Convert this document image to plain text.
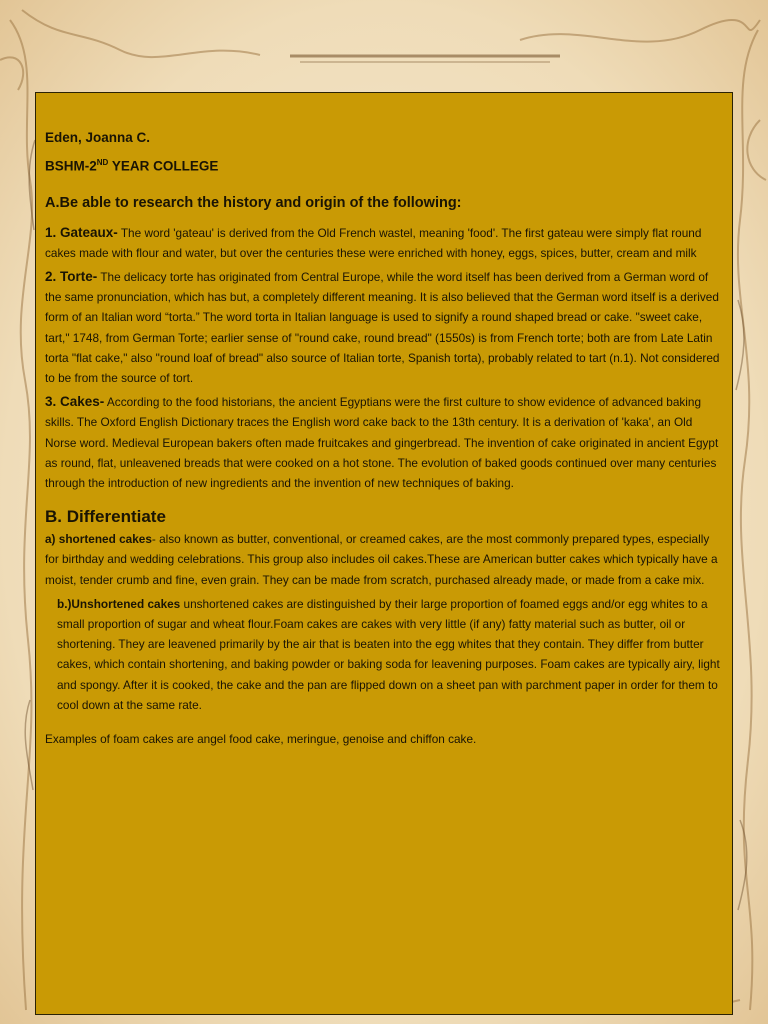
Eden, Joanna C.
BSHM-2ND YEAR COLLEGE
A.Be able to research the history and origin of the following:

1. Gateaux- The word 'gateau' is derived from the Old French wastel, meaning 'food'. The first gateau were simply flat round cakes made with flour and water, but over the centuries these were enriched with honey, eggs, spices, butter, cream and milk

2. Torte- The delicacy torte has originated from Central Europe, while the word itself has been derived from a German word of the same pronunciation, which has but, a completely different meaning. It is also believed that the German word itself is a derived form of an Italian word “torta.” The word torta in Italian language is used to signify a round shaped bread or cake. "sweet cake, tart," 1748, from German Torte; earlier sense of "round cake, round bread" (1550s) is from French torte; both are from Late Latin torta "flat cake," also "round loaf of bread" also source of Italian torte, Spanish torta), probably related to tart (n.1). Not considered to be from the source of tort.

3. Cakes- According to the food historians, the ancient Egyptians were the first culture to show evidence of advanced baking skills. The Oxford English Dictionary traces the English word cake back to the 13th century. It is a derivation of 'kaka', an Old Norse word. Medieval European bakers often made fruitcakes and gingerbread. The invention of cake originated in ancient Egypt as round, flat, unleavened breads that were cooked on a hot stone. The evolution of baked goods continued over many centuries through the introduction of new ingredients and the invention of new techniques of baking.

B. Differentiate

a) shortened cakes- also known as butter, conventional, or creamed cakes, are the most commonly prepared types, especially for birthday and wedding celebrations. This group also includes oil cakes.These are American butter cakes which typically have a moist, tender crumb and fine, even grain. They can be made from scratch, purchased already made, or made from a cake mix.

b.)Unshortened cakes unshortened cakes are distinguished by their large proportion of foamed eggs and/or egg whites to a small proportion of sugar and wheat flour.Foam cakes are cakes with very little (if any) fatty material such as butter, oil or shortening. They are leavened primarily by the air that is beaten into the egg whites that they contain. They differ from butter cakes, which contain shortening, and baking powder or baking soda for leavening purposes. Foam cakes are typically airy, light and spongy. After it is cooked, the cake and the pan are flipped down on a sheet pan with parchment paper in order for them to cool down at the same rate.

Examples of foam cakes are angel food cake, meringue, genoise and chiffon cake.
